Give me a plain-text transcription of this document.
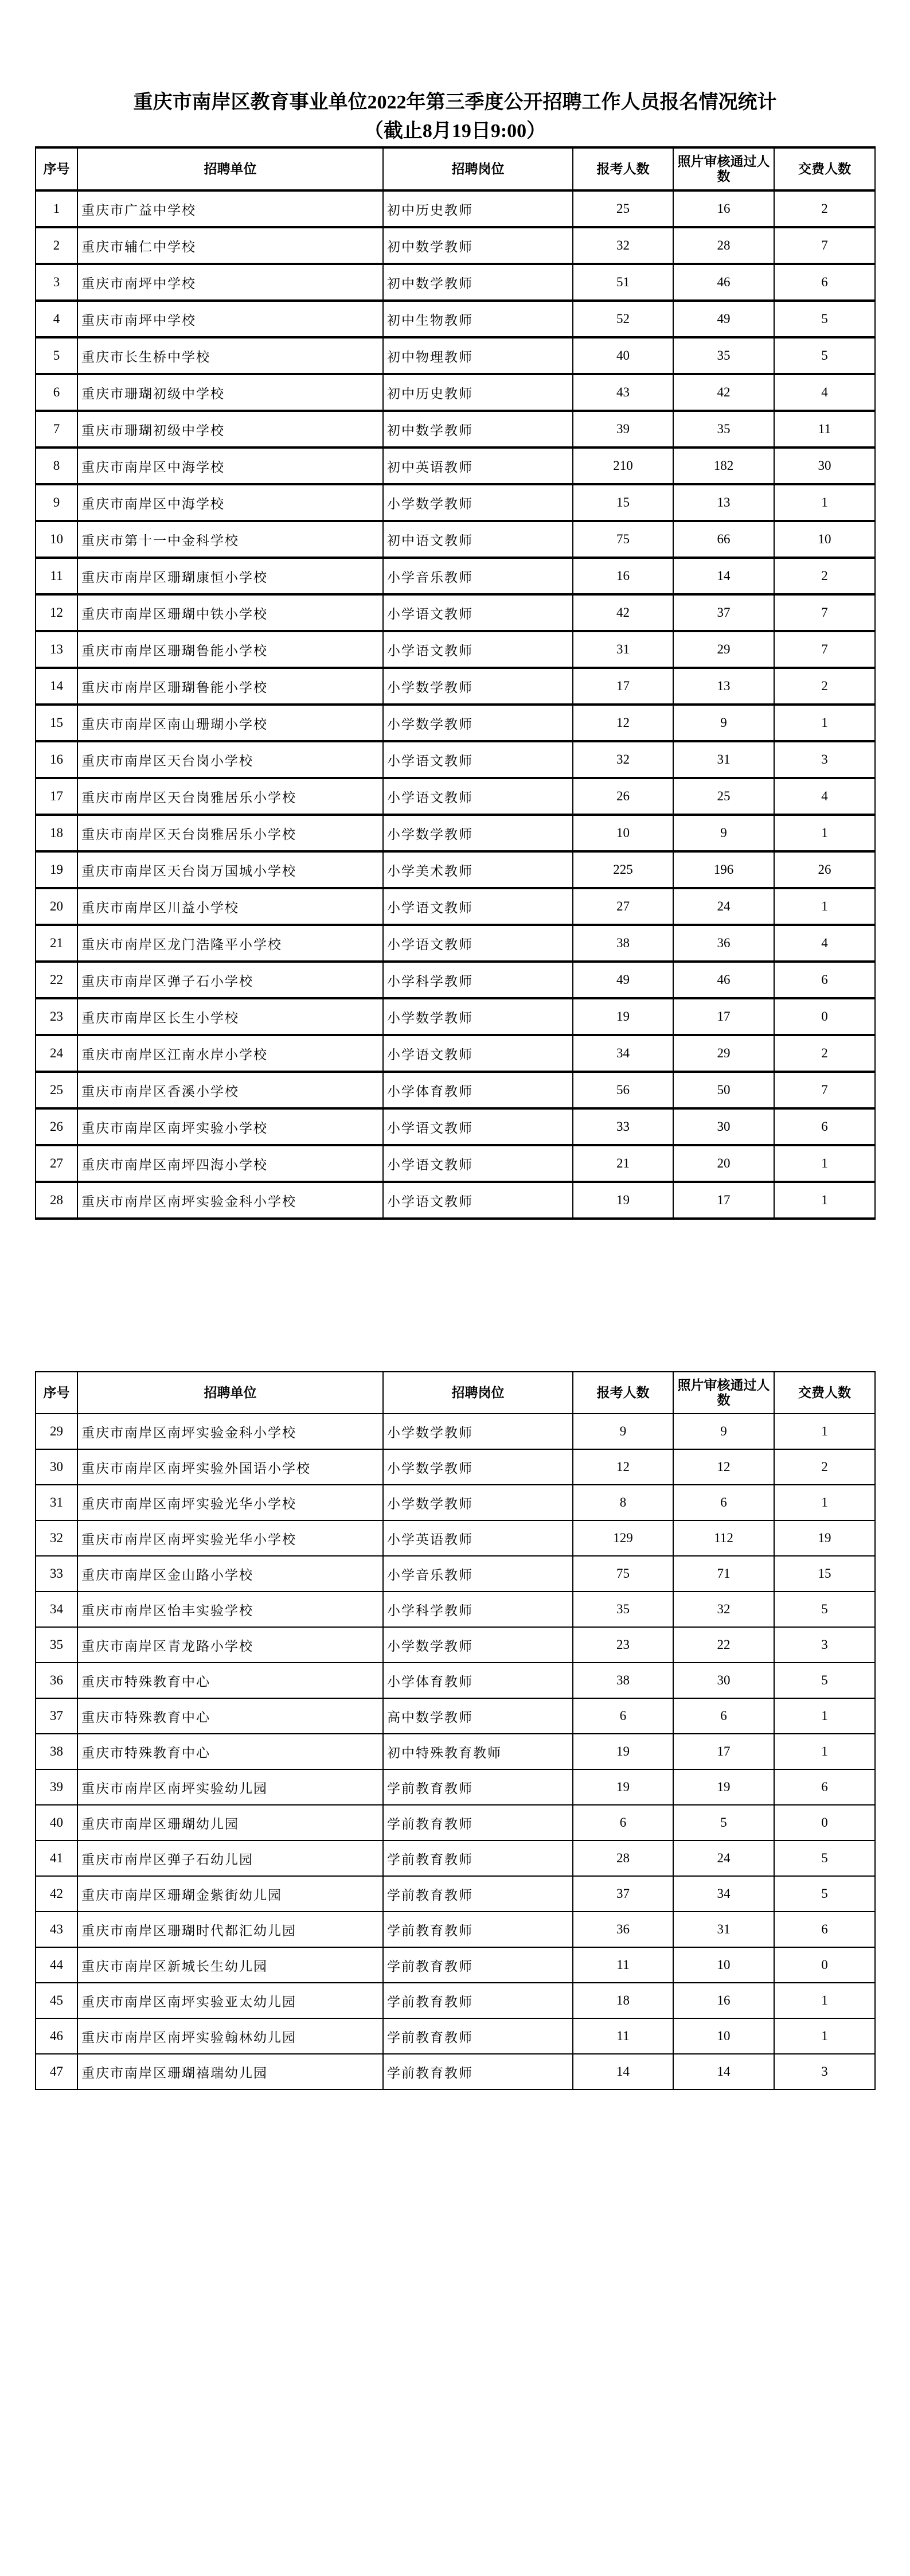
重庆市南岸区教育事业单位2022年第三季度公开招聘工作人员报名情况统计
（截止8月19日9:00）
序号	招聘单位	招聘岗位	报考人数	照片审核通过人数	交费人数
1	重庆市广益中学校	初中历史教师	25	16	2
2	重庆市辅仁中学校	初中数学教师	32	28	7
3	重庆市南坪中学校	初中数学教师	51	46	6
4	重庆市南坪中学校	初中生物教师	52	49	5
5	重庆市长生桥中学校	初中物理教师	40	35	5
6	重庆市珊瑚初级中学校	初中历史教师	43	42	4
7	重庆市珊瑚初级中学校	初中数学教师	39	35	11
8	重庆市南岸区中海学校	初中英语教师	210	182	30
9	重庆市南岸区中海学校	小学数学教师	15	13	1
10	重庆市第十一中金科学校	初中语文教师	75	66	10
11	重庆市南岸区珊瑚康恒小学校	小学音乐教师	16	14	2
12	重庆市南岸区珊瑚中铁小学校	小学语文教师	42	37	7
13	重庆市南岸区珊瑚鲁能小学校	小学语文教师	31	29	7
14	重庆市南岸区珊瑚鲁能小学校	小学数学教师	17	13	2
15	重庆市南岸区南山珊瑚小学校	小学数学教师	12	9	1
16	重庆市南岸区天台岗小学校	小学语文教师	32	31	3
17	重庆市南岸区天台岗雅居乐小学校	小学语文教师	26	25	4
18	重庆市南岸区天台岗雅居乐小学校	小学数学教师	10	9	1
19	重庆市南岸区天台岗万国城小学校	小学美术教师	225	196	26
20	重庆市南岸区川益小学校	小学语文教师	27	24	1
21	重庆市南岸区龙门浩隆平小学校	小学语文教师	38	36	4
22	重庆市南岸区弹子石小学校	小学科学教师	49	46	6
23	重庆市南岸区长生小学校	小学数学教师	19	17	0
24	重庆市南岸区江南水岸小学校	小学语文教师	34	29	2
25	重庆市南岸区香溪小学校	小学体育教师	56	50	7
26	重庆市南岸区南坪实验小学校	小学语文教师	33	30	6
27	重庆市南岸区南坪四海小学校	小学语文教师	21	20	1
28	重庆市南岸区南坪实验金科小学校	小学语文教师	19	17	1
序号	招聘单位	招聘岗位	报考人数	照片审核通过人数	交费人数
29	重庆市南岸区南坪实验金科小学校	小学数学教师	9	9	1
30	重庆市南岸区南坪实验外国语小学校	小学数学教师	12	12	2
31	重庆市南岸区南坪实验光华小学校	小学数学教师	8	6	1
32	重庆市南岸区南坪实验光华小学校	小学英语教师	129	112	19
33	重庆市南岸区金山路小学校	小学音乐教师	75	71	15
34	重庆市南岸区怡丰实验学校	小学科学教师	35	32	5
35	重庆市南岸区青龙路小学校	小学数学教师	23	22	3
36	重庆市特殊教育中心	小学体育教师	38	30	5
37	重庆市特殊教育中心	高中数学教师	6	6	1
38	重庆市特殊教育中心	初中特殊教育教师	19	17	1
39	重庆市南岸区南坪实验幼儿园	学前教育教师	19	19	6
40	重庆市南岸区珊瑚幼儿园	学前教育教师	6	5	0
41	重庆市南岸区弹子石幼儿园	学前教育教师	28	24	5
42	重庆市南岸区珊瑚金紫街幼儿园	学前教育教师	37	34	5
43	重庆市南岸区珊瑚时代都汇幼儿园	学前教育教师	36	31	6
44	重庆市南岸区新城长生幼儿园	学前教育教师	11	10	0
45	重庆市南岸区南坪实验亚太幼儿园	学前教育教师	18	16	1
46	重庆市南岸区南坪实验翰林幼儿园	学前教育教师	11	10	1
47	重庆市南岸区珊瑚禧瑞幼儿园	学前教育教师	14	14	3
